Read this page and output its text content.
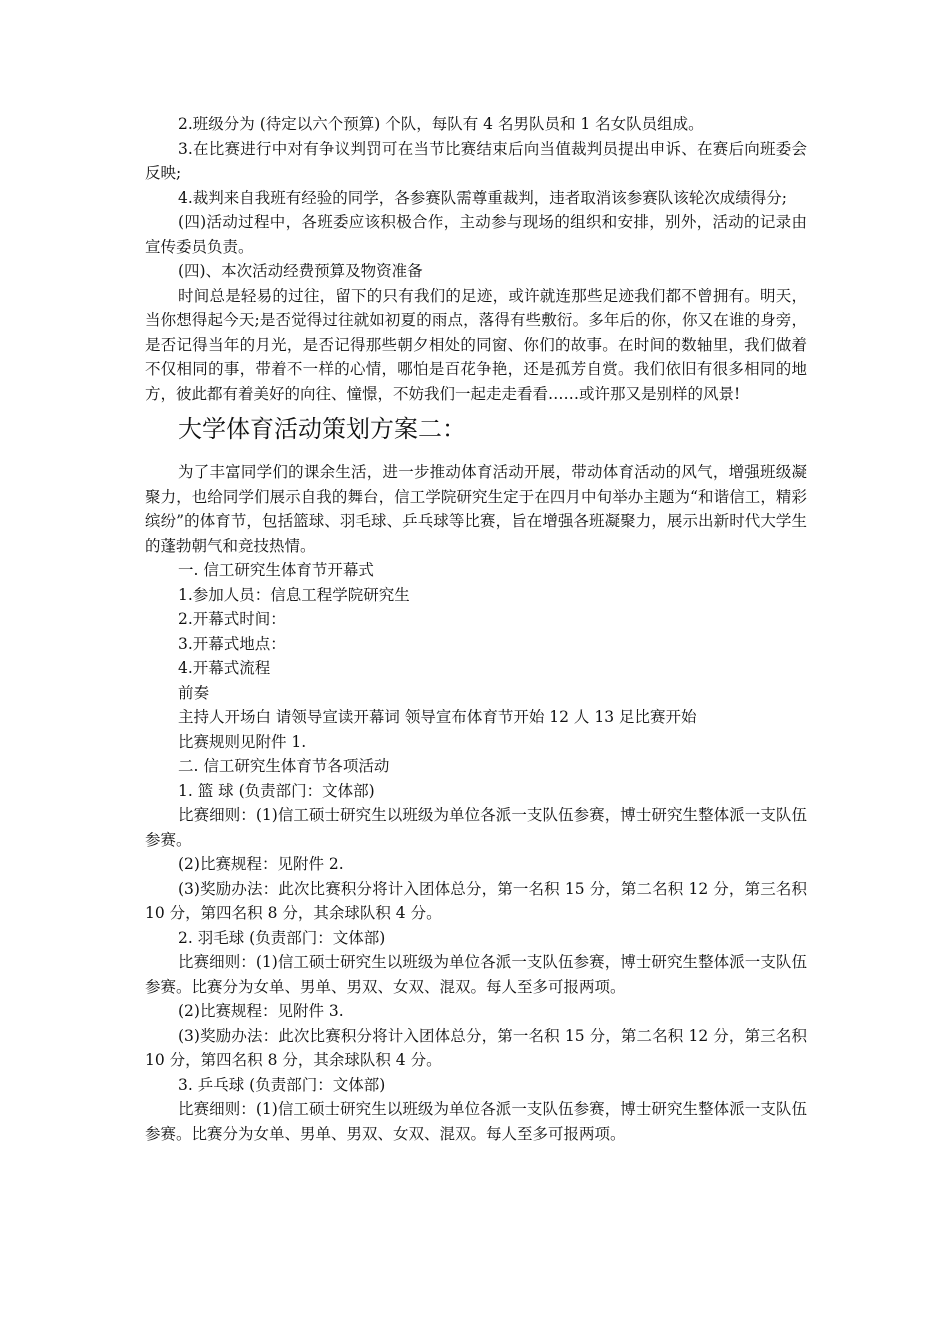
2.班级分为 (待定以六个预算) 个队，每队有 4 名男队员和 1 名女队员组成。

3.在比赛进行中对有争议判罚可在当节比赛结束后向当值裁判员提出申诉、在赛后向班委会反映;

4.裁判来自我班有经验的同学，各参赛队需尊重裁判，违者取消该参赛队该轮次成绩得分;

(四)活动过程中，各班委应该积极合作，主动参与现场的组织和安排，别外，活动的记录由宣传委员负责。

(四)、本次活动经费预算及物资准备

时间总是轻易的过往，留下的只有我们的足迹，或许就连那些足迹我们都不曾拥有。明天，当你想得起今天;是否觉得过往就如初夏的雨点，落得有些敷衍。多年后的你，你又在谁的身旁，是否记得当年的月光，是否记得那些朝夕相处的同窗、你们的故事。在时间的数轴里，我们做着不仅相同的事，带着不一样的心情，哪怕是百花争艳，还是孤芳自赏。我们依旧有很多相同的地方，彼此都有着美好的向往、憧憬，不妨我们一起走走看看……或许那又是别样的风景!

大学体育活动策划方案二：

为了丰富同学们的课余生活，进一步推动体育活动开展，带动体育活动的风气，增强班级凝聚力，也给同学们展示自我的舞台，信工学院研究生定于在四月中旬举办主题为“和谐信工，精彩缤纷”的体育节，包括篮球、羽毛球、乒乓球等比赛，旨在增强各班凝聚力，展示出新时代大学生的蓬勃朝气和竞技热情。

一. 信工研究生体育节开幕式

1.参加人员：信息工程学院研究生

2.开幕式时间：

3.开幕式地点：

4.开幕式流程

前奏

主持人开场白 请领导宣读开幕词 领导宣布体育节开始 12 人 13 足比赛开始

比赛规则见附件 1.

二. 信工研究生体育节各项活动

1. 篮 球 (负责部门：文体部)

比赛细则：(1)信工硕士研究生以班级为单位各派一支队伍参赛，博士研究生整体派一支队伍参赛。

(2)比赛规程：见附件 2.

(3)奖励办法：此次比赛积分将计入团体总分，第一名积 15 分，第二名积 12 分，第三名积 10 分，第四名积 8 分，其余球队积 4 分。

2. 羽毛球 (负责部门：文体部)

比赛细则：(1)信工硕士研究生以班级为单位各派一支队伍参赛，博士研究生整体派一支队伍参赛。比赛分为女单、男单、男双、女双、混双。每人至多可报两项。

(2)比赛规程：见附件 3.

(3)奖励办法：此次比赛积分将计入团体总分，第一名积 15 分，第二名积 12 分，第三名积 10 分，第四名积 8 分，其余球队积 4 分。

3. 乒乓球 (负责部门：文体部)

比赛细则：(1)信工硕士研究生以班级为单位各派一支队伍参赛，博士研究生整体派一支队伍参赛。比赛分为女单、男单、男双、女双、混双。每人至多可报两项。
